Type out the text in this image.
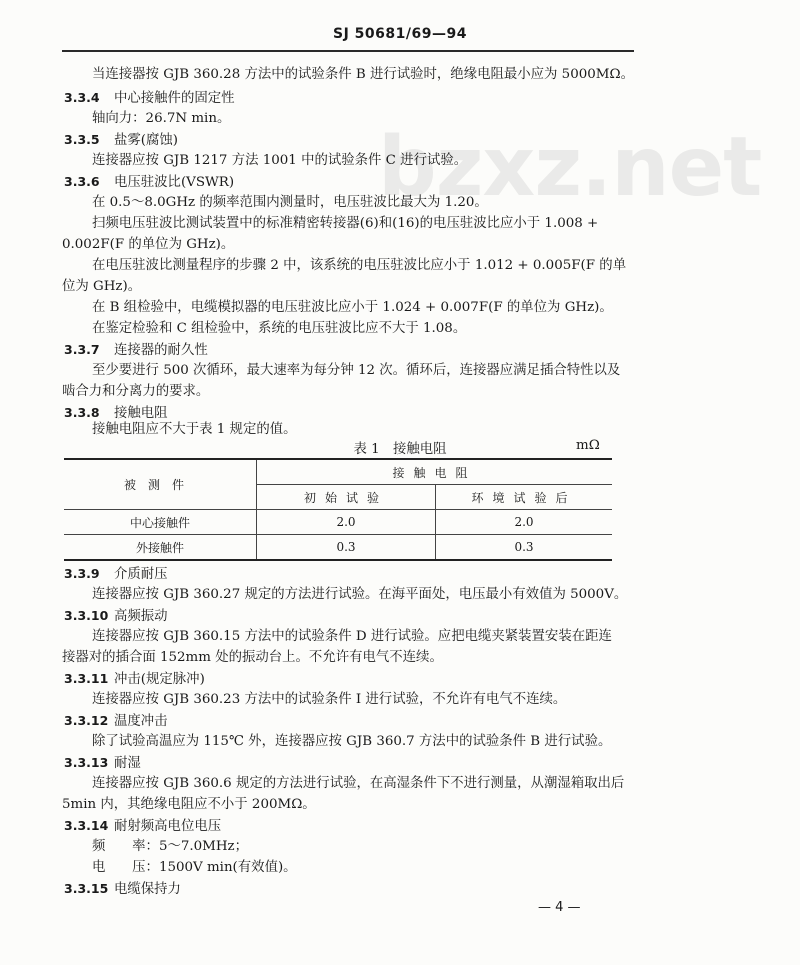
SJ 50681/69—94
bzxz.net
当连接器按 GJB 360.28 方法中的试验条件 B 进行试验时，绝缘电阻最小应为 5000MΩ。
3.3.4 中心接触件的固定性
轴向力：26.7N min。
3.3.5 盐雾(腐蚀)
连接器应按 GJB 1217 方法 1001 中的试验条件 C 进行试验。
3.3.6 电压驻波比(VSWR)
在 0.5～8.0GHz 的频率范围内测量时，电压驻波比最大为 1.20。
扫频电压驻波比测试装置中的标准精密转接器(6)和(16)的电压驻波比应小于 1.008 +
0.002F(F 的单位为 GHz)。
在电压驻波比测量程序的步骤 2 中，该系统的电压驻波比应小于 1.012 + 0.005F(F 的单
位为 GHz)。
在 B 组检验中，电缆模拟器的电压驻波比应小于 1.024 + 0.007F(F 的单位为 GHz)。
在鉴定检验和 C 组检验中，系统的电压驻波比应不大于 1.08。
3.3.7 连接器的耐久性
至少要进行 500 次循环，最大速率为每分钟 12 次。循环后，连接器应满足插合特性以及
啮合力和分离力的要求。
3.3.8 接触电阻
接触电阻应不大于表 1 规定的值。
表 1　接触电阻	mΩ
被测件	接触电阻	
	初始试验	环境试验后
中心接触件	2.0	2.0
外接触件	0.3	0.3
3.3.9 介质耐压
连接器应按 GJB 360.27 规定的方法进行试验。在海平面处，电压最小有效值为 5000V。
3.3.10 高频振动
连接器应按 GJB 360.15 方法中的试验条件 D 进行试验。应把电缆夹紧装置安装在距连
接器对的插合面 152mm 处的振动台上。不允许有电气不连续。
3.3.11 冲击(规定脉冲)
连接器应按 GJB 360.23 方法中的试验条件 Ⅰ 进行试验，不允许有电气不连续。
3.3.12 温度冲击
除了试验高温应为 115℃ 外，连接器应按 GJB 360.7 方法中的试验条件 B 进行试验。
3.3.13 耐湿
连接器应按 GJB 360.6 规定的方法进行试验，在高湿条件下不进行测量，从潮湿箱取出后
5min 内，其绝缘电阻应不小于 200MΩ。
3.3.14 耐射频高电位电压
频　　率：5～7.0MHz；
电　　压：1500V min(有效值)。
3.3.15 电缆保持力
— 4 —
